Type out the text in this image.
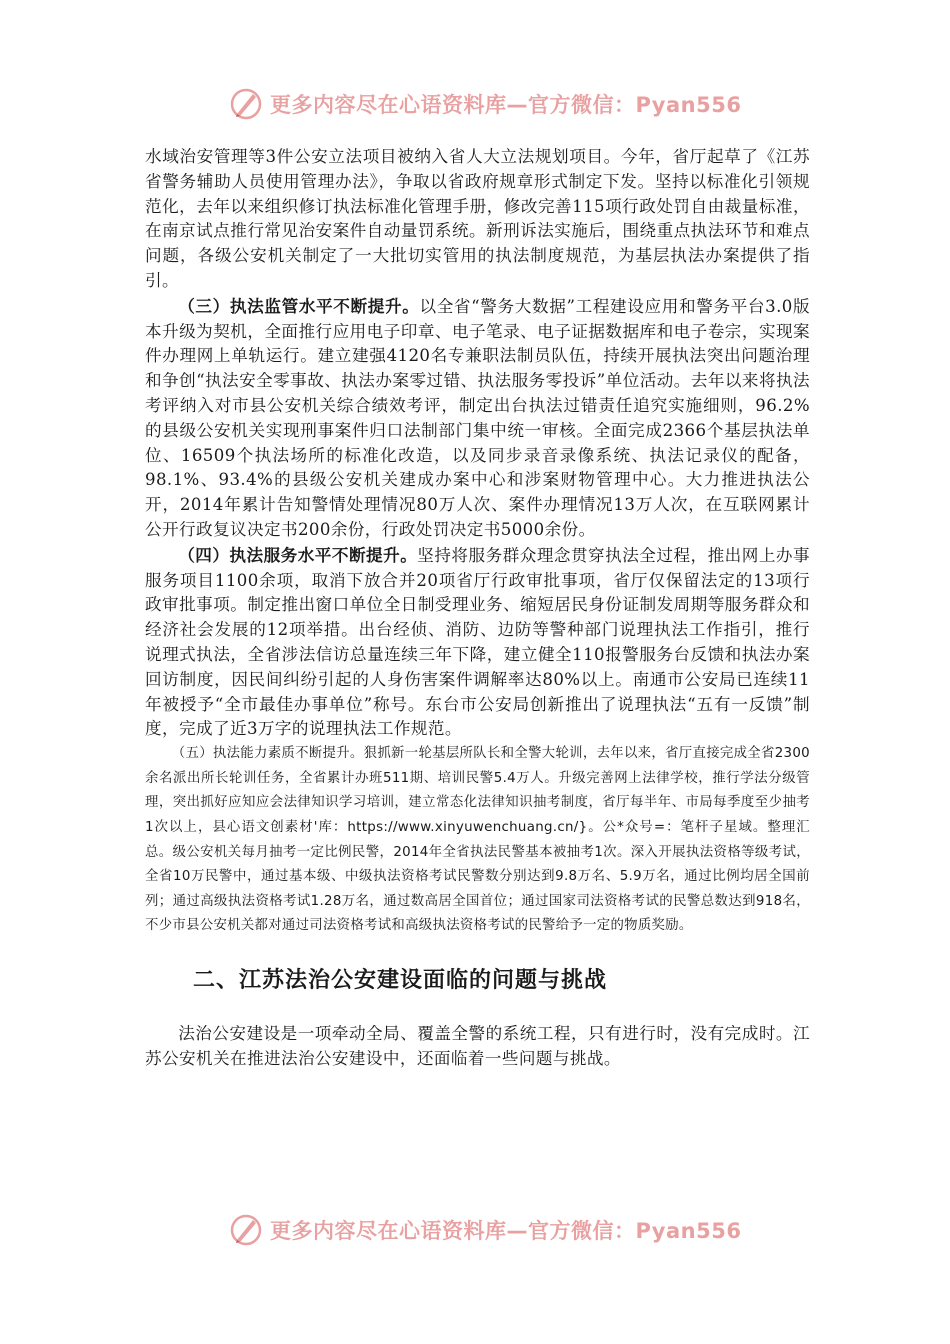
更多内容尽在心语资料库—官方微信：Pyan556

水域治安管理等3件公安立法项目被纳入省人大立法规划项目。今年，省厅起草了《江苏省警务辅助人员使用管理办法》，争取以省政府规章形式制定下发。坚持以标准化引领规范化，去年以来组织修订执法标准化管理手册，修改完善115项行政处罚自由裁量标准，在南京试点推行常见治安案件自动量罚系统。新刑诉法实施后，围绕重点执法环节和难点问题，各级公安机关制定了一大批切实管用的执法制度规范，为基层执法办案提供了指引。

（三）执法监管水平不断提升。以全省“警务大数据”工程建设应用和警务平台3.0版本升级为契机，全面推行应用电子印章、电子笔录、电子证据数据库和电子卷宗，实现案件办理网上单轨运行。建立建强4120名专兼职法制员队伍，持续开展执法突出问题治理和争创“执法安全零事故、执法办案零过错、执法服务零投诉”单位活动。去年以来将执法考评纳入对市县公安机关综合绩效考评，制定出台执法过错责任追究实施细则，96.2%的县级公安机关实现刑事案件归口法制部门集中统一审核。全面完成2366个基层执法单位、16509个执法场所的标准化改造，以及同步录音录像系统、执法记录仪的配备，98.1%、93.4%的县级公安机关建成办案中心和涉案财物管理中心。大力推进执法公开，2014年累计告知警情处理情况80万人次、案件办理情况13万人次，在互联网累计公开行政复议决定书200余份，行政处罚决定书5000余份。

（四）执法服务水平不断提升。坚持将服务群众理念贯穿执法全过程，推出网上办事服务项目1100余项，取消下放合并20项省厅行政审批事项，省厅仅保留法定的13项行政审批事项。制定推出窗口单位全日制受理业务、缩短居民身份证制发周期等服务群众和经济社会发展的12项举措。出台经侦、消防、边防等警种部门说理执法工作指引，推行说理式执法，全省涉法信访总量连续三年下降，建立健全110报警服务台反馈和执法办案回访制度，因民间纠纷引起的人身伤害案件调解率达80%以上。南通市公安局已连续11年被授予“全市最佳办事单位”称号。东台市公安局创新推出了说理执法“五有一反馈”制度，完成了近3万字的说理执法工作规范。

（五）执法能力素质不断提升。狠抓新一轮基层所队长和全警大轮训，去年以来，省厅直接完成全省2300余名派出所长轮训任务，全省累计办班511期、培训民警5.4万人。升级完善网上法律学校，推行学法分级管理，突出抓好应知应会法律知识学习培训，建立常态化法律知识抽考制度，省厅每半年、市局每季度至少抽考1次以上，县心语文创素材'库：https://www.xinyuwenchuang.cn/}。公*众号=：笔杆子星域。整理汇总。级公安机关每月抽考一定比例民警，2014年全省执法民警基本被抽考1次。深入开展执法资格等级考试，全省10万民警中，通过基本级、中级执法资格考试民警数分别达到9.8万名、5.9万名，通过比例均居全国前列；通过高级执法资格考试1.28万名，通过数高居全国首位；通过国家司法资格考试的民警总数达到918名，不少市县公安机关都对通过司法资格考试和高级执法资格考试的民警给予一定的物质奖励。

二、江苏法治公安建设面临的问题与挑战

法治公安建设是一项牵动全局、覆盖全警的系统工程，只有进行时，没有完成时。江苏公安机关在推进法治公安建设中，还面临着一些问题与挑战。

更多内容尽在心语资料库—官方微信：Pyan556
